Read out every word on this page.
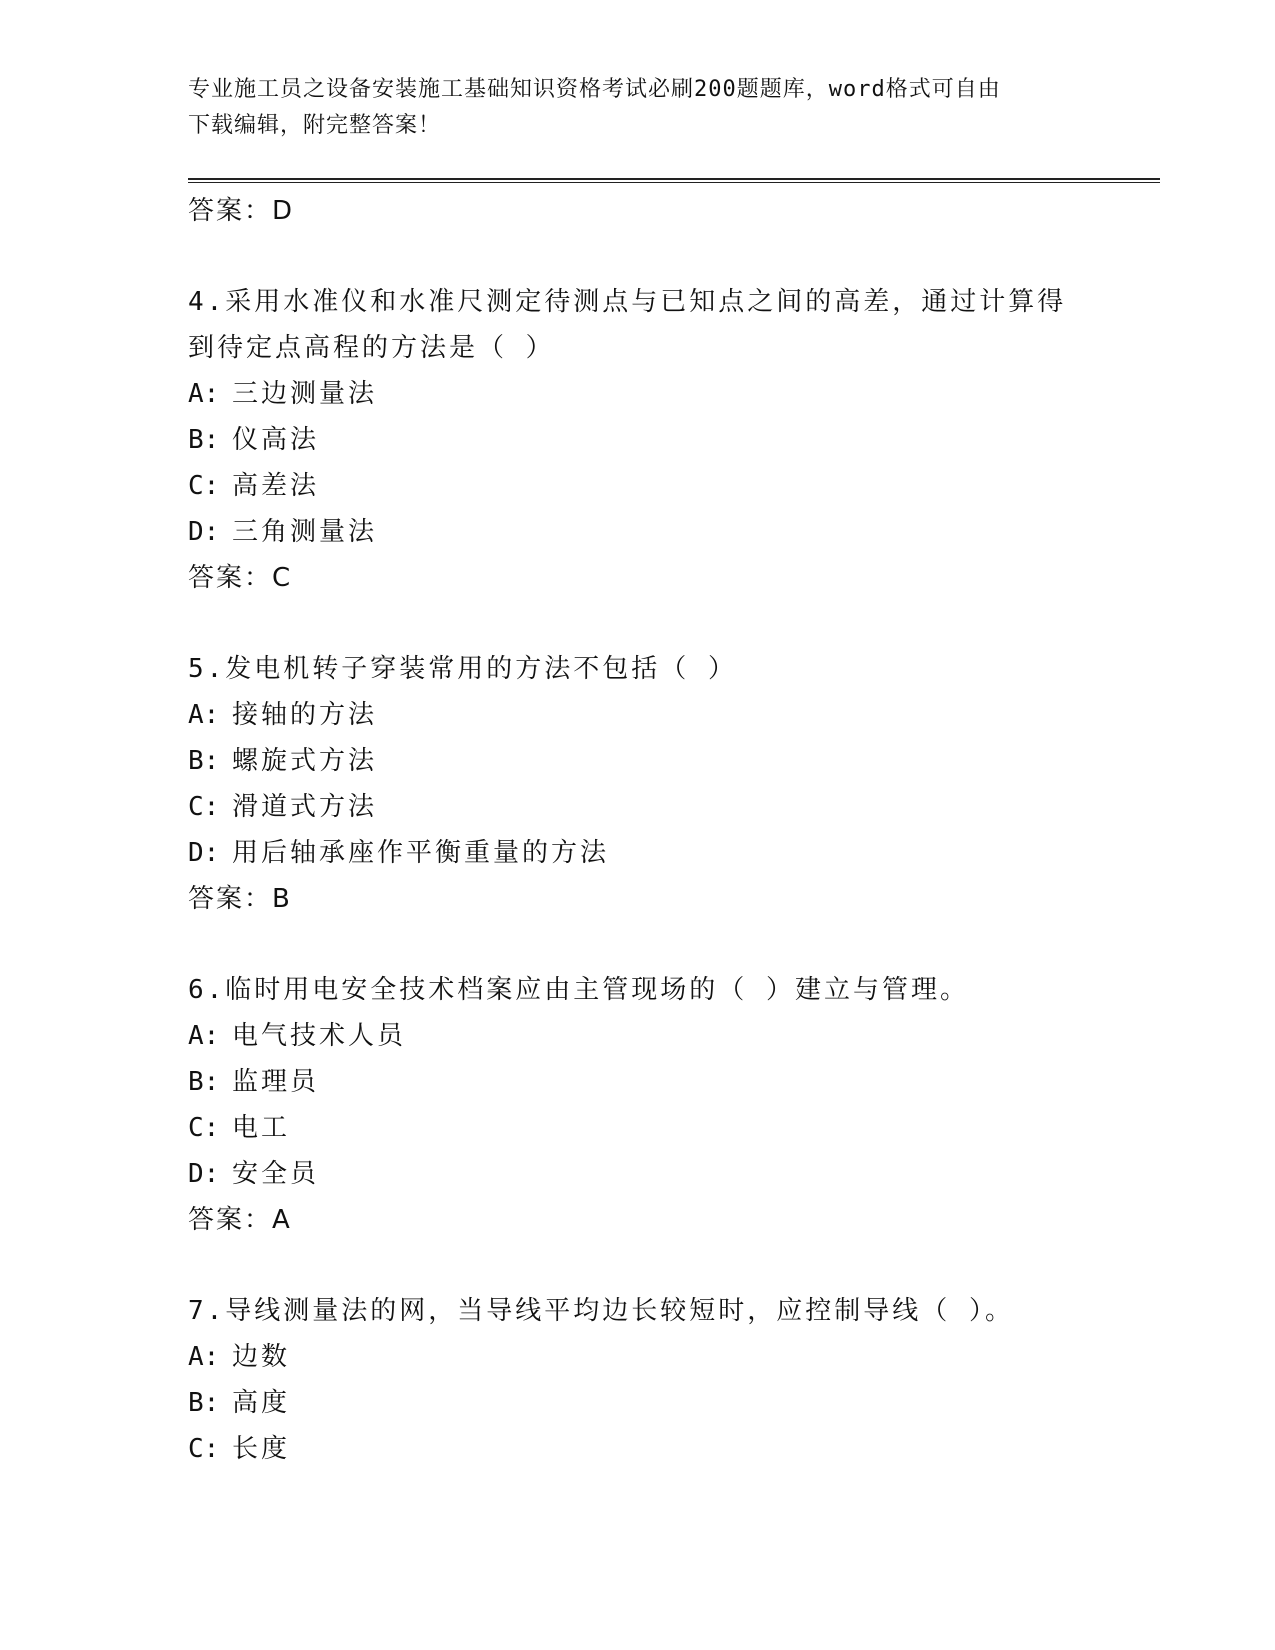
专业施工员之设备安装施工基础知识资格考试必刷200题题库，word格式可自由
下载编辑，附完整答案！
答案：D
4.采用水准仪和水准尺测定待测点与已知点之间的高差，通过计算得
到待定点高程的方法是（ ）
A: 三边测量法
B: 仪高法
C: 高差法
D: 三角测量法
答案：C
5.发电机转子穿装常用的方法不包括（ ）
A: 接轴的方法
B: 螺旋式方法
C: 滑道式方法
D: 用后轴承座作平衡重量的方法
答案：B
6.临时用电安全技术档案应由主管现场的（ ）建立与管理。
A: 电气技术人员
B: 监理员
C: 电工
D: 安全员
答案：A
7.导线测量法的网，当导线平均边长较短时，应控制导线（ ）。
A: 边数
B: 高度
C: 长度
